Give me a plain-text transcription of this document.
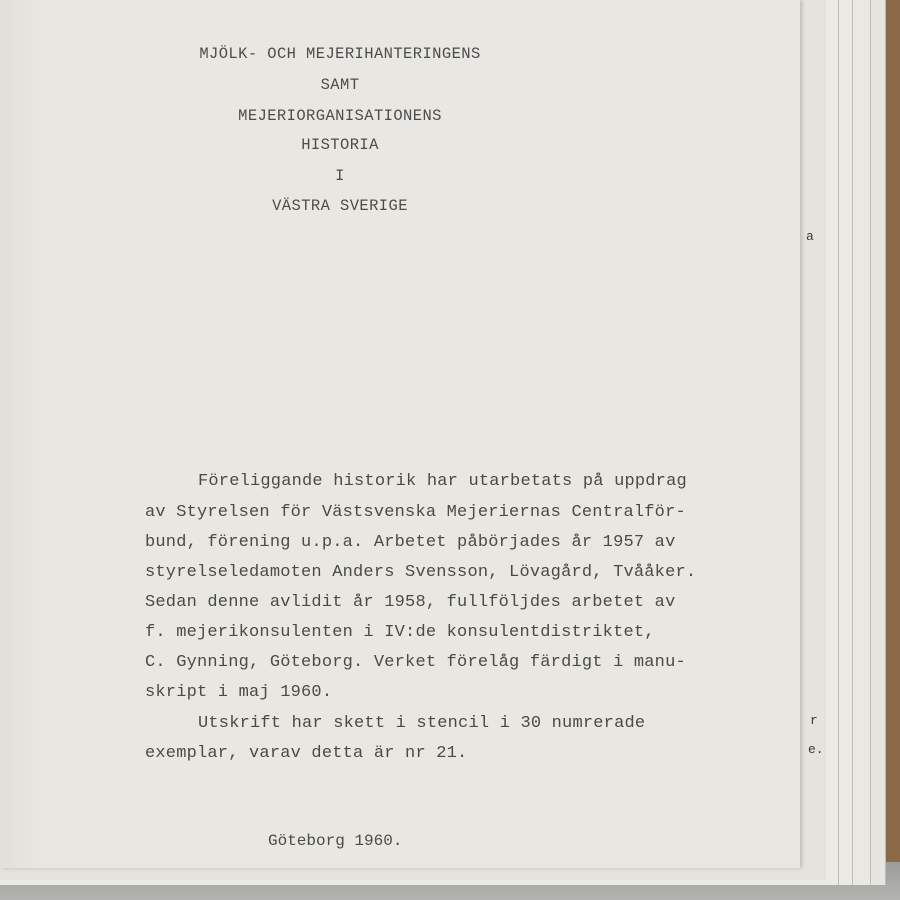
a
r
e.
MJÖLK- OCH MEJERIHANTERINGENS
SAMT
MEJERIORGANISATIONENS
HISTORIA
I
VÄSTRA SVERIGE
Föreliggande historik har utarbetats på uppdrag
av Styrelsen för Västsvenska Mejeriernas Centralför-
bund, förening u.p.a. Arbetet påbörjades år 1957 av
styrelseledamoten Anders Svensson, Lövagård, Tvååker.
Sedan denne avlidit år 1958, fullföljdes arbetet av
f. mejerikonsulenten i IV:de konsulentdistriktet,
C. Gynning, Göteborg. Verket förelåg färdigt i manu-
skript i maj 1960.
Utskrift har skett i stencil i 30 numrerade
exemplar, varav detta är nr 21.
Göteborg 1960.
